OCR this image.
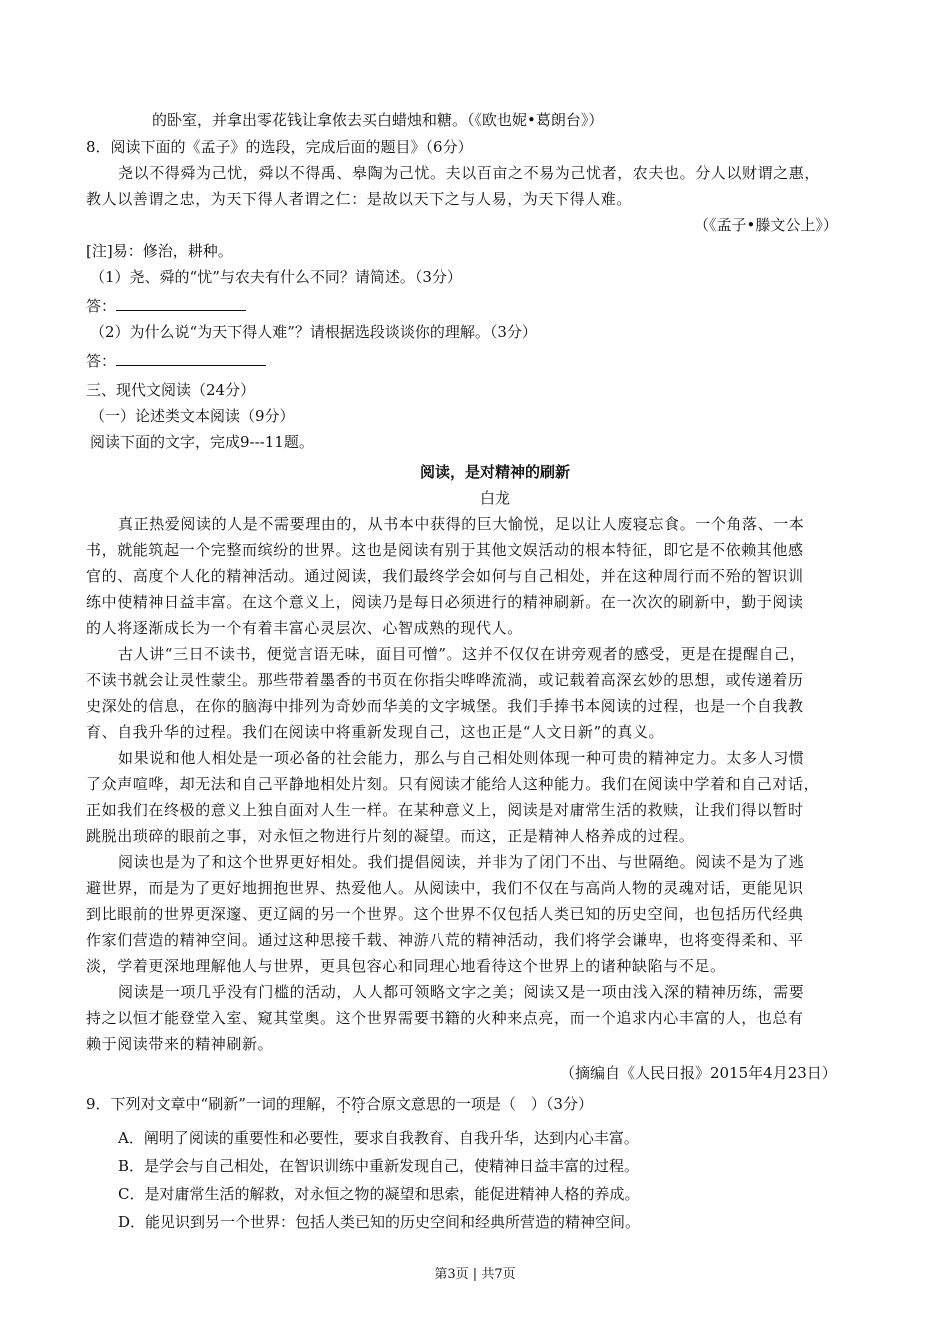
的卧室，并拿出零花钱让拿侬去买白蜡烛和糖。（《欧也妮•葛朗台》）
8．阅读下面的《孟子》的选段，完成后面的题目》（6分）
尧以不得舜为己忧，舜以不得禹、皋陶为己忧。夫以百亩之不易为己忧者，农夫也。分人以财谓之惠，
教人以善谓之忠，为天下得人者谓之仁：是故以天下之与人易，为天下得人难。
（《孟子•滕文公上》）
[注]易：修治，耕种。
（1）尧、舜的“忧”与农夫有什么不同？请简述。（3分）
答：
（2）为什么说“为天下得人难”？请根据选段谈谈你的理解。（3分）
答：
三、现代文阅读（24分）
（一）论述类文本阅读（9分）
阅读下面的文字，完成9---11题。
阅读，是对精神的刷新
白龙
真正热爱阅读的人是不需要理由的，从书本中获得的巨大愉悦，足以让人废寝忘食。一个角落、一本
书，就能筑起一个完整而缤纷的世界。这也是阅读有别于其他文娱活动的根本特征，即它是不依赖其他感
官的、高度个人化的精神活动。通过阅读，我们最终学会如何与自己相处，并在这种周行而不殆的智识训
练中使精神日益丰富。在这个意义上，阅读乃是每日必须进行的精神刷新。在一次次的刷新中，勤于阅读
的人将逐渐成长为一个有着丰富心灵层次、心智成熟的现代人。
古人讲“三日不读书，便觉言语无味，面目可憎”。这并不仅仅在讲旁观者的感受，更是在提醒自己，
不读书就会让灵性蒙尘。那些带着墨香的书页在你指尖哗哗流淌，或记载着高深玄妙的思想，或传递着历
史深处的信息，在你的脑海中排列为奇妙而华美的文字城堡。我们手捧书本阅读的过程，也是一个自我教
育、自我升华的过程。我们在阅读中将重新发现自己，这也正是“人文日新”的真义。
如果说和他人相处是一项必备的社会能力，那么与自己相处则体现一种可贵的精神定力。太多人习惯
了众声喧哗，却无法和自己平静地相处片刻。只有阅读才能给人这种能力。我们在阅读中学着和自己对话，
正如我们在终极的意义上独自面对人生一样。在某种意义上，阅读是对庸常生活的救赎，让我们得以暂时
跳脱出琐碎的眼前之事，对永恒之物进行片刻的凝望。而这，正是精神人格养成的过程。
阅读也是为了和这个世界更好相处。我们提倡阅读，并非为了闭门不出、与世隔绝。阅读不是为了逃
避世界，而是为了更好地拥抱世界、热爱他人。从阅读中，我们不仅在与高尚人物的灵魂对话，更能见识
到比眼前的世界更深邃、更辽阔的另一个世界。这个世界不仅包括人类已知的历史空间，也包括历代经典
作家们营造的精神空间。通过这种思接千载、神游八荒的精神活动，我们将学会谦卑，也将变得柔和、平
淡，学着更深地理解他人与世界，更具包容心和同理心地看待这个世界上的诸种缺陷与不足。
阅读是一项几乎没有门槛的活动，人人都可领略文字之美；阅读又是一项由浅入深的精神历练，需要
持之以恒才能登堂入室、窥其堂奥。这个世界需要书籍的火种来点亮，而一个追求内心丰富的人，也总有
赖于阅读带来的精神刷新。
（摘编自《人民日报》2015年4月23日）
9．下列对文章中“刷新”一词的理解，不符合原文意思的一项是（　）（3分）
A．阐明了阅读的重要性和必要性，要求自我教育、自我升华，达到内心丰富。
B．是学会与自己相处，在智识训练中重新发现自己，使精神日益丰富的过程。
C．是对庸常生活的解救，对永恒之物的凝望和思索，能促进精神人格的养成。
D．能见识到另一个世界：包括人类已知的历史空间和经典所营造的精神空间。
第3页 | 共7页
